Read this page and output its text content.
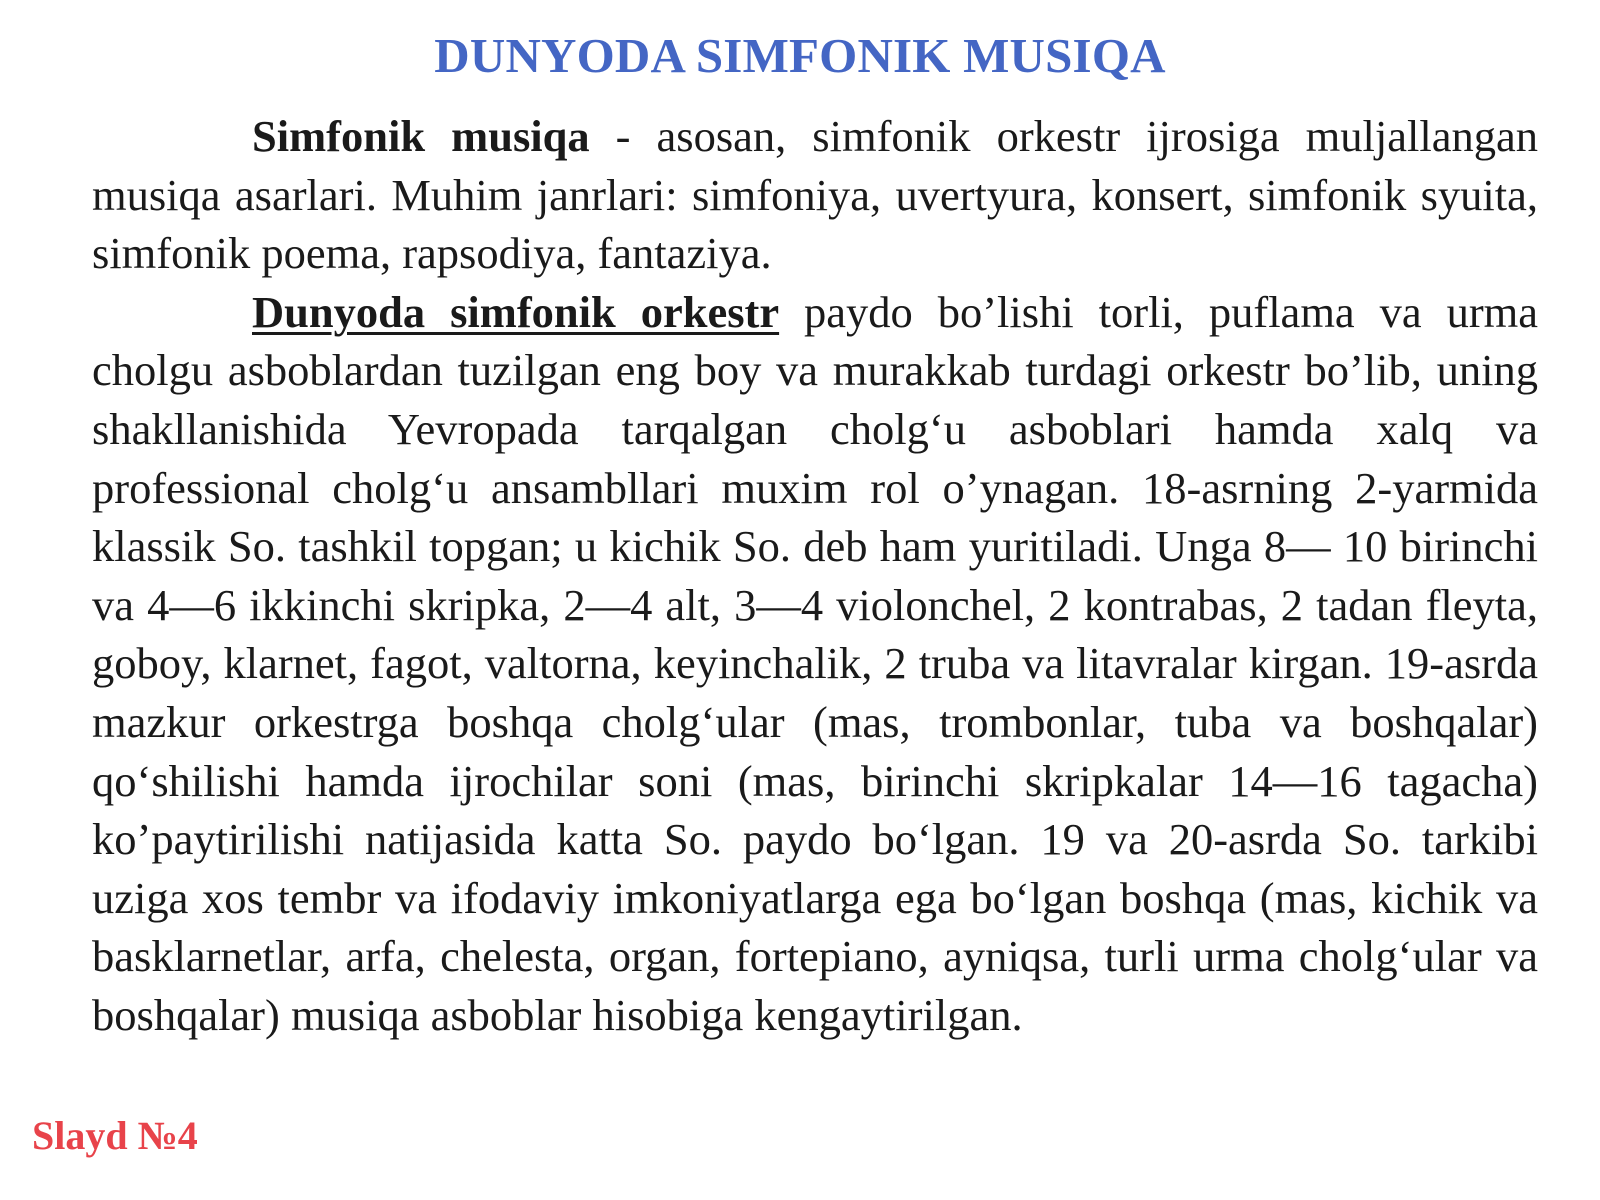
DUNYODA SIMFONIK MUSIQA

Simfonik musiqa - asosan, simfonik orkestr ijrosiga muljallangan musiqa asarlari. Muhim janrlari: simfoniya, uvertyura, konsert, simfonik syuita, simfonik poema, rapsodiya, fantaziya.

Dunyoda simfonik orkestr paydo bo’lishi torli, puflama va urma cholgu asboblardan tuzilgan eng boy va murakkab turdagi orkestr bo’lib, uning shakllanishida Yevropada tarqalgan cholg‘u asboblari hamda xalq va professional cholg‘u ansambllari muxim rol o’ynagan. 18-asrning 2-yarmida klassik So. tashkil topgan; u kichik So. deb ham yuritiladi. Unga 8— 10 birinchi va 4—6 ikkinchi skripka, 2—4 alt, 3—4 violonchel, 2 kontrabas, 2 tadan fleyta, goboy, klarnet, fagot, valtorna, keyinchalik, 2 truba va litavralar kirgan. 19-asrda mazkur orkestrga boshqa cholg‘ular (mas, trombonlar, tuba va boshqalar) qo‘shilishi hamda ijrochilar soni (mas, birinchi skripkalar 14—16 tagacha) ko’paytirilishi natijasida katta So. paydo bo‘lgan. 19 va 20-asrda So. tarkibi uziga xos tembr va ifodaviy imkoniyatlarga ega bo‘lgan boshqa (mas, kichik va basklarnetlar, arfa, chelesta, organ, fortepiano, ayniqsa, turli urma cholg‘ular va boshqalar) musiqa asboblar hisobiga kengaytirilgan.

Slayd №4
